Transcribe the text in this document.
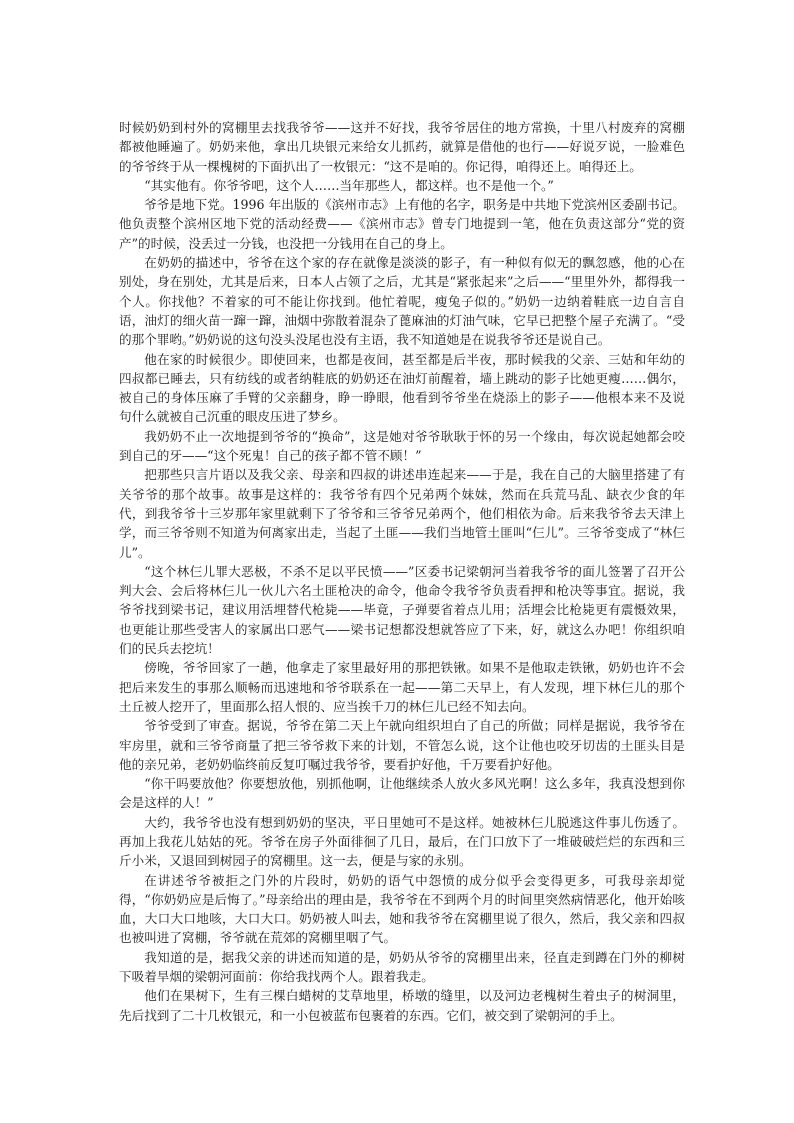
时候奶奶到村外的窝棚里去找我爷爷——这并不好找，我爷爷居住的地方常换，十里八村废弃的窝棚都被他睡遍了。奶奶来他，拿出几块银元来给女儿抓药，就算是借他的也行——好说歹说，一脸难色的爷爷终于从一棵槐树的下面扒出了一枚银元：“这不是咱的。你记得，咱得还上。咱得还上。

“其实他有。你爷爷吧，这个人……当年那些人，都这样。也不是他一个。”

爷爷是地下党。1996 年出版的《滨州市志》上有他的名字，职务是中共地下党滨州区委副书记。他负责整个滨州区地下党的活动经费——《滨州市志》曾专门地提到一笔，他在负责这部分“党的资产”的时候，没丢过一分钱，也没把一分钱用在自己的身上。

在奶奶的描述中，爷爷在这个家的存在就像是淡淡的影子，有一种似有似无的飘忽感，他的心在别处，身在别处，尤其是后来，日本人占领了之后，尤其是“紧张起来”之后——“里里外外，都得我一个人。你找他？不着家的可不能让你找到。他忙着呢，瘦兔子似的。”奶奶一边纳着鞋底一边自言自语，油灯的细火苗一蹿一蹿，油烟中弥散着混杂了蓖麻油的灯油气味，它早已把整个屋子充满了。“受的那个罪哟。”奶奶说的这句没头没尾也没有主语，我不知道她是在说我爷爷还是说自己。

他在家的时候很少。即使回来，也都是夜间，甚至都是后半夜，那时候我的父亲、三姑和年幼的四叔都已睡去，只有纺线的或者纳鞋底的奶奶还在油灯前醒着，墙上跳动的影子比她更瘦……偶尔，被自己的身体压麻了手臂的父亲翻身，睁一睁眼，他看到爷爷坐在烧添上的影子——他根本来不及说句什么就被自己沉重的眼皮压进了梦乡。

我奶奶不止一次地提到爷爷的“换命”，这是她对爷爷耿耿于怀的另一个缘由，每次说起她都会咬到自己的牙——“这个死鬼！自己的孩子都不管不顾！”

把那些只言片语以及我父亲、母亲和四叔的讲述串连起来——于是，我在自己的大脑里搭建了有关爷爷的那个故事。故事是这样的：我爷爷有四个兄弟两个妹妹，然而在兵荒马乱、缺衣少食的年代，到我爷爷十三岁那年家里就剩下了爷爷和三爷爷兄弟两个，他们相依为命。后来我爷爷去天津上学，而三爷爷则不知道为何离家出走，当起了土匪——我们当地管土匪叫“仨儿”。三爷爷变成了“林仨儿”。

“这个林仨儿罪大恶极，不杀不足以平民愤——”区委书记梁朝河当着我爷爷的面儿签署了召开公判大会、会后将林仨儿一伙儿六名土匪枪决的命令，他命令我爷爷负责看押和枪决等事宜。据说，我爷爷找到梁书记，建议用活埋替代枪毙——毕竟，子弹要省着点儿用；活埋会比枪毙更有震慑效果，也更能让那些受害人的家属出口恶气——梁书记想都没想就答应了下来，好，就这么办吧！你组织咱们的民兵去挖坑！

傍晚，爷爷回家了一趟，他拿走了家里最好用的那把铁锹。如果不是他取走铁锹，奶奶也许不会把后来发生的事那么顺畅而迅速地和爷爷联系在一起——第二天早上，有人发现，埋下林仨儿的那个土丘被人挖开了，里面那么招人恨的、应当挨千刀的林仨儿已经不知去向。

爷爷受到了审查。据说，爷爷在第二天上午就向组织坦白了自己的所做；同样是据说，我爷爷在牢房里，就和三爷爷商量了把三爷爷救下来的计划，不管怎么说，这个让他也咬牙切齿的土匪头目是他的亲兄弟，老奶奶临终前反复叮嘱过我爷爷，要看护好他，千万要看护好他。

“你干吗要放他？你要想放他，别抓他啊，让他继续杀人放火多风光啊！这么多年，我真没想到你会是这样的人！”

大约，我爷爷也没有想到奶奶的坚决，平日里她可不是这样。她被林仨儿脱逃这件事儿伤透了。再加上我花儿姑姑的死。爷爷在房子外面徘徊了几日，最后，在门口放下了一堆破破烂烂的东西和三斤小米，又退回到树园子的窝棚里。这一去，便是与家的永别。

在讲述爷爷被拒之门外的片段时，奶奶的语气中怨愤的成分似乎会变得更多，可我母亲却觉得，“你奶奶应是后悔了。”母亲给出的理由是，我爷爷在不到两个月的时间里突然病情恶化，他开始咳血，大口大口地咳，大口大口。奶奶被人叫去，她和我爷爷在窝棚里说了很久，然后，我父亲和四叔也被叫进了窝棚，爷爷就在荒郊的窝棚里咽了气。

我知道的是，据我父亲的讲述而知道的是，奶奶从爷爷的窝棚里出来，径直走到蹲在门外的柳树下吸着旱烟的梁朝河面前：你给我找两个人。跟着我走。

他们在果树下，生有三棵白蜡树的艾草地里，桥墩的缝里，以及河边老槐树生着虫子的树洞里，先后找到了二十几枚银元，和一小包被蓝布包裹着的东西。它们，被交到了梁朝河的手上。
